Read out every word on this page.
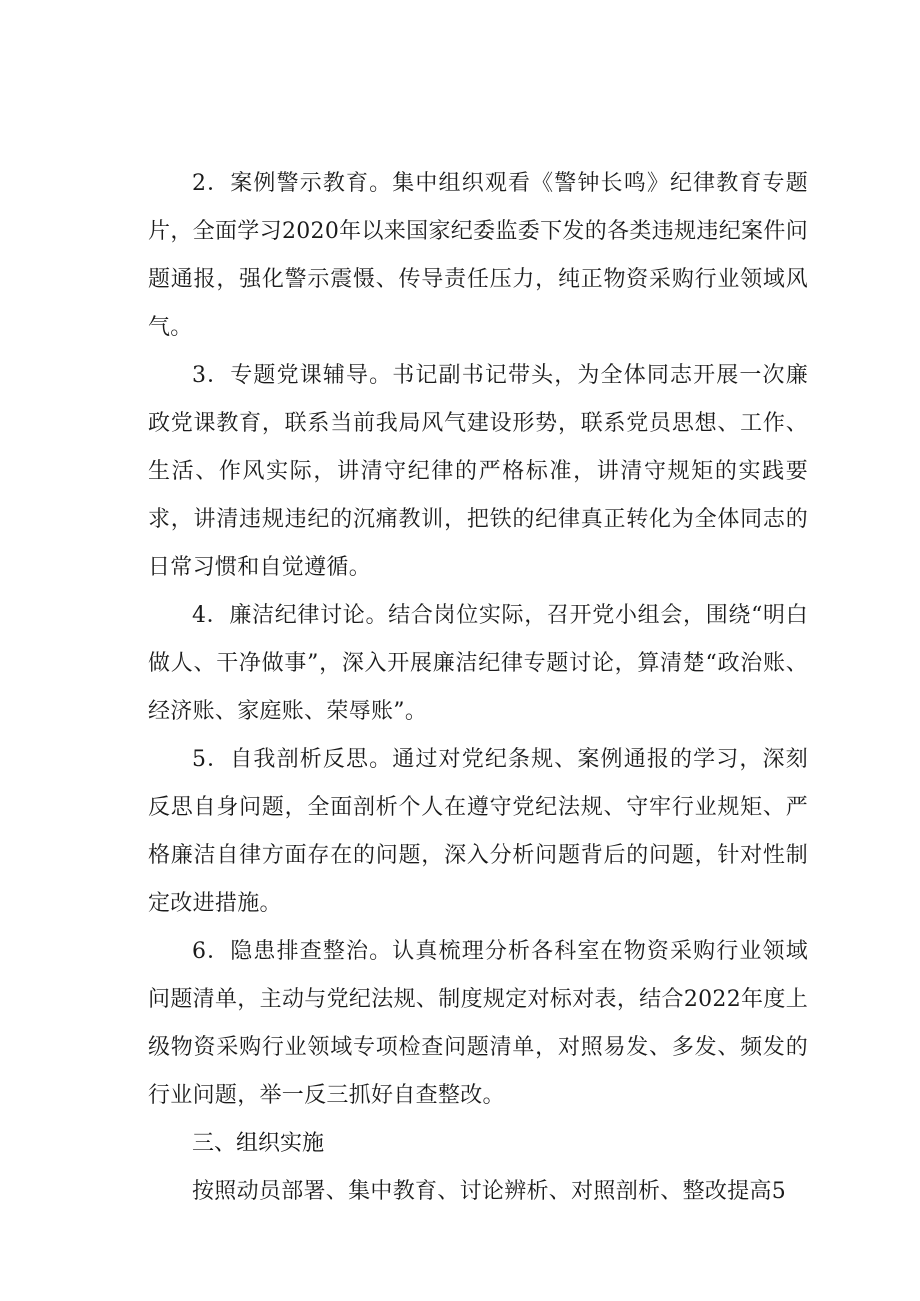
2．案例警示教育。集中组织观看《警钟长鸣》纪律教育专题片，全面学习2020年以来国家纪委监委下发的各类违规违纪案件问题通报，强化警示震慑、传导责任压力，纯正物资采购行业领域风气。

3．专题党课辅导。书记副书记带头，为全体同志开展一次廉政党课教育，联系当前我局风气建设形势，联系党员思想、工作、生活、作风实际，讲清守纪律的严格标准，讲清守规矩的实践要求，讲清违规违纪的沉痛教训，把铁的纪律真正转化为全体同志的日常习惯和自觉遵循。

4．廉洁纪律讨论。结合岗位实际，召开党小组会，围绕“明白做人、干净做事”，深入开展廉洁纪律专题讨论，算清楚“政治账、经济账、家庭账、荣辱账”。

5．自我剖析反思。通过对党纪条规、案例通报的学习，深刻反思自身问题，全面剖析个人在遵守党纪法规、守牢行业规矩、严格廉洁自律方面存在的问题，深入分析问题背后的问题，针对性制定改进措施。

6．隐患排查整治。认真梳理分析各科室在物资采购行业领域问题清单，主动与党纪法规、制度规定对标对表，结合2022年度上级物资采购行业领域专项检查问题清单，对照易发、多发、频发的行业问题，举一反三抓好自查整改。

三、组织实施

按照动员部署、集中教育、讨论辨析、对照剖析、整改提高5
